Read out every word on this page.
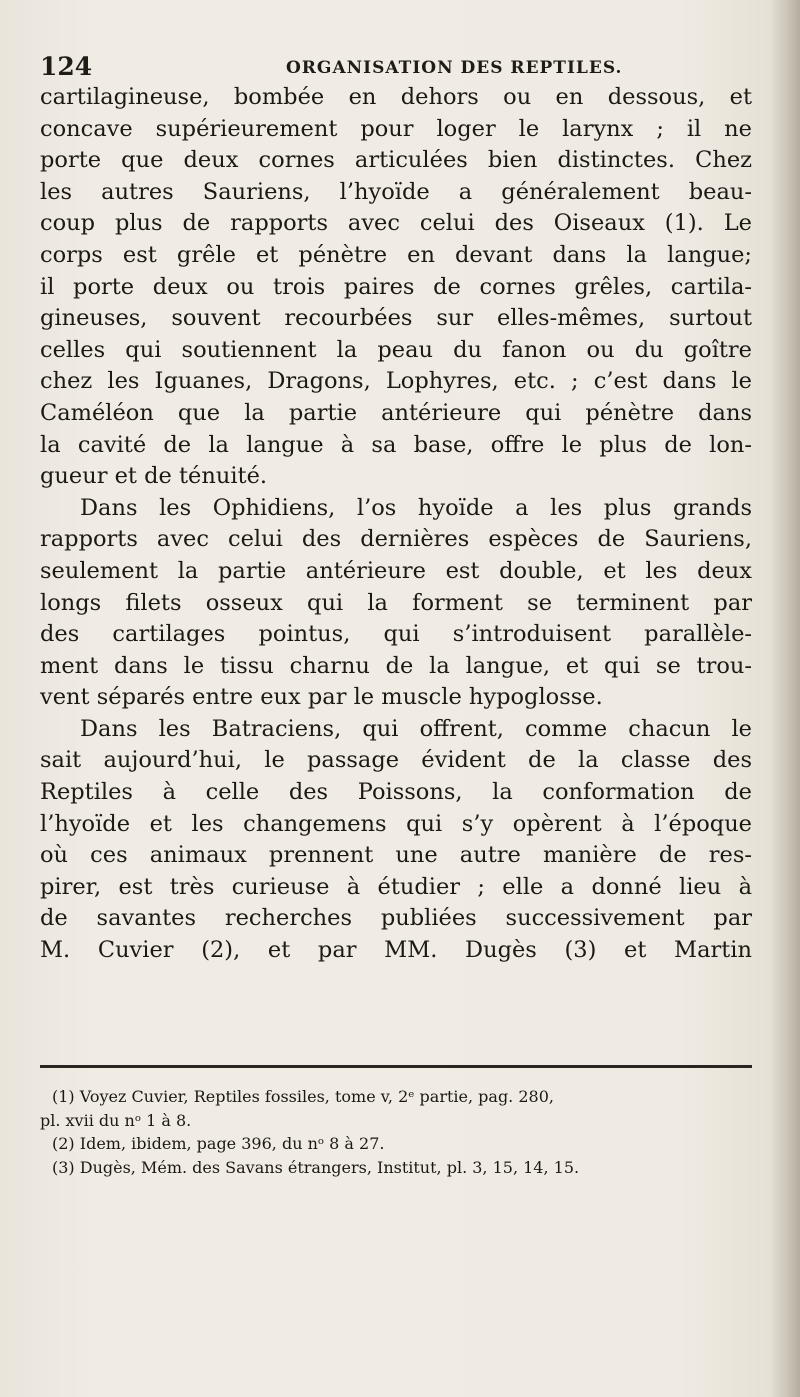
124	ORGANISATION DES REPTILES.
cartilagineuse, bombée en dehors ou en dessous, et
concave supérieurement pour loger le larynx ; il ne
porte que deux cornes articulées bien distinctes. Chez
les autres Sauriens, l’hyoïde a généralement beau-
coup plus de rapports avec celui des Oiseaux (1). Le
corps est grêle et pénètre en devant dans la langue;
il porte deux ou trois paires de cornes grêles, cartila-
gineuses, souvent recourbées sur elles-mêmes, surtout
celles qui soutiennent la peau du fanon ou du goître
chez les Iguanes, Dragons, Lophyres, etc. ; c’est dans le
Caméléon que la partie antérieure qui pénètre dans
la cavité de la langue à sa base, offre le plus de lon-
gueur et de ténuité.
Dans les Ophidiens, l’os hyoïde a les plus grands
rapports avec celui des dernières espèces de Sauriens,
seulement la partie antérieure est double, et les deux
longs filets osseux qui la forment se terminent par
des cartilages pointus, qui s’introduisent parallèle-
ment dans le tissu charnu de la langue, et qui se trou-
vent séparés entre eux par le muscle hypoglosse.
Dans les Batraciens, qui offrent, comme chacun le
sait aujourd’hui, le passage évident de la classe des
Reptiles à celle des Poissons, la conformation de
l’hyoïde et les changemens qui s’y opèrent à l’époque
où ces animaux prennent une autre manière de res-
pirer, est très curieuse à étudier ; elle a donné lieu à
de savantes recherches publiées successivement par
M. Cuvier (2), et par MM. Dugès (3) et Martin
(1) Voyez Cuvier, Reptiles fossiles, tome v, 2ᵉ partie, pag. 280,
pl. xvii du nᵒ 1 à 8.
(2) Idem, ibidem, page 396, du nᵒ 8 à 27.
(3) Dugès, Mém. des Savans étrangers, Institut, pl. 3, 15, 14, 15.
